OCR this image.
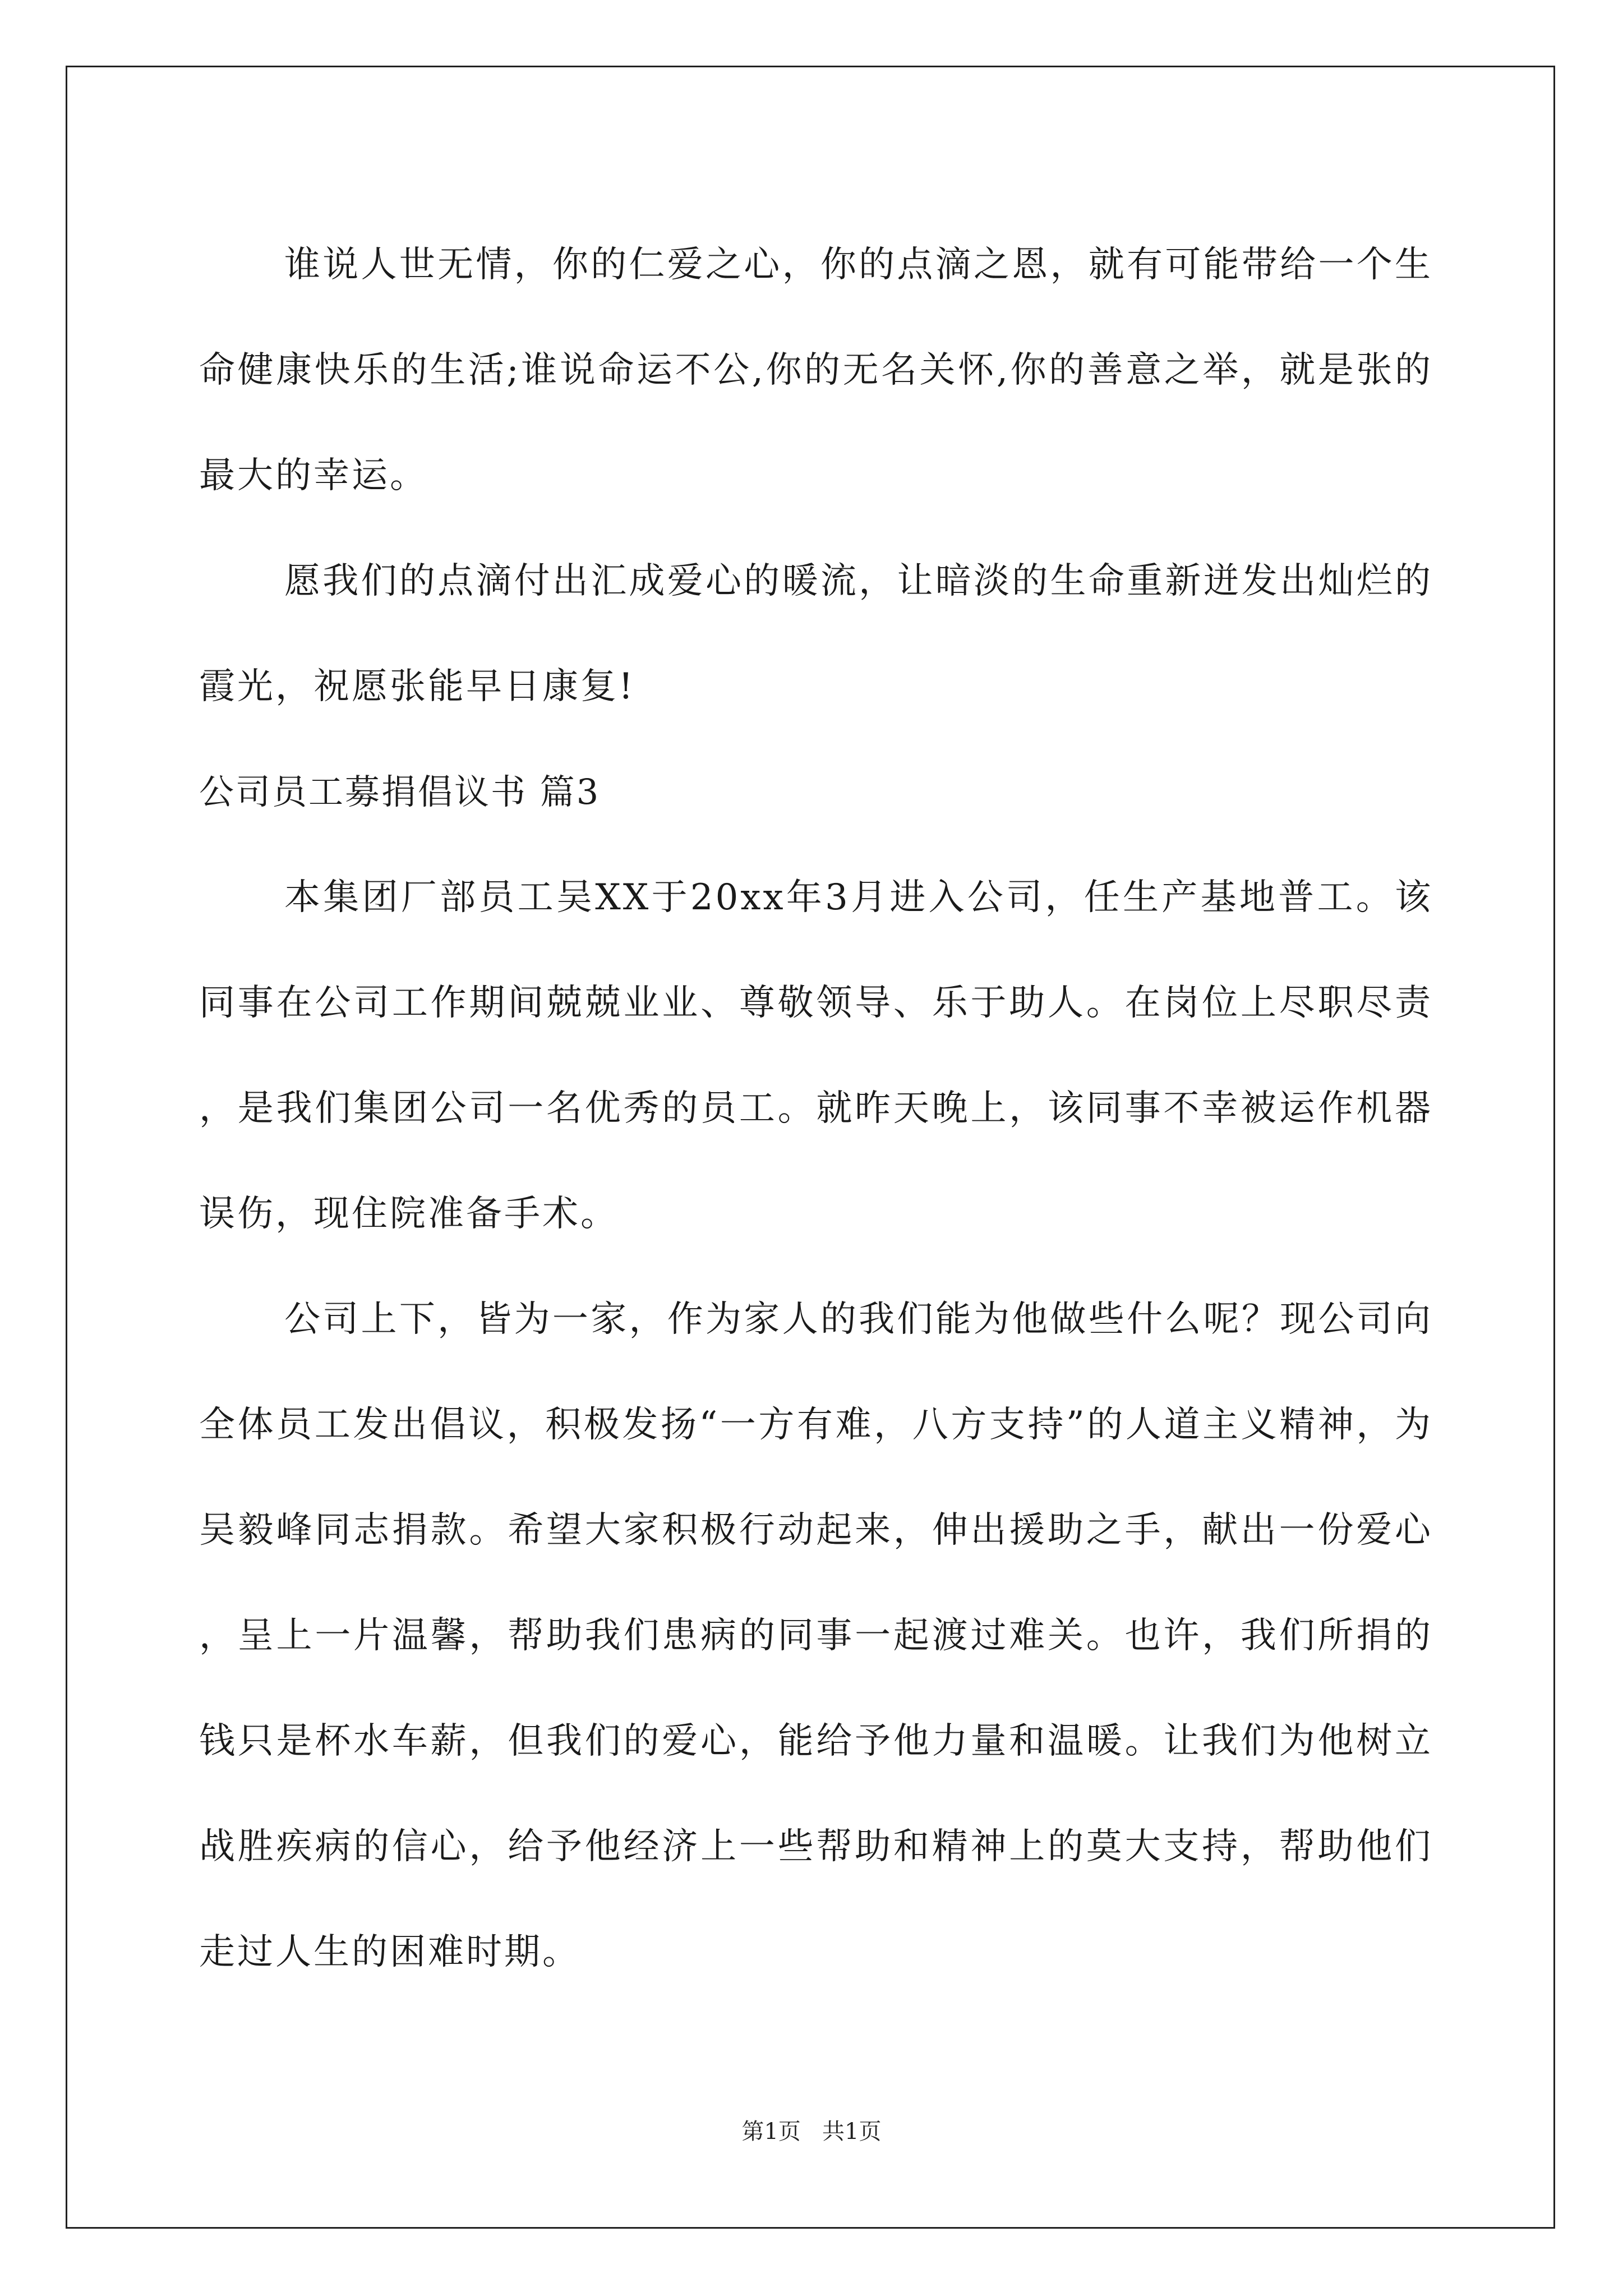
谁说人世无情，你的仁爱之心，你的点滴之恩，就有可能带给一个生命健康快乐的生活;谁说命运不公,你的无名关怀,你的善意之举，就是张的最大的幸运。

愿我们的点滴付出汇成爱心的暖流，让暗淡的生命重新迸发出灿烂的霞光，祝愿张能早日康复!

公司员工募捐倡议书 篇3

本集团厂部员工吴XX于20xx年3月进入公司，任生产基地普工。该同事在公司工作期间兢兢业业、尊敬领导、乐于助人。在岗位上尽职尽责，是我们集团公司一名优秀的员工。就昨天晚上，该同事不幸被运作机器误伤，现住院准备手术。

公司上下，皆为一家，作为家人的我们能为他做些什么呢？现公司向全体员工发出倡议，积极发扬“一方有难，八方支持”的人道主义精神，为吴毅峰同志捐款。希望大家积极行动起来，伸出援助之手，献出一份爱心，呈上一片温馨，帮助我们患病的同事一起渡过难关。也许，我们所捐的钱只是杯水车薪，但我们的爱心，能给予他力量和温暖。让我们为他树立战胜疾病的信心，给予他经济上一些帮助和精神上的莫大支持，帮助他们走过人生的困难时期。

第1页   共1页
